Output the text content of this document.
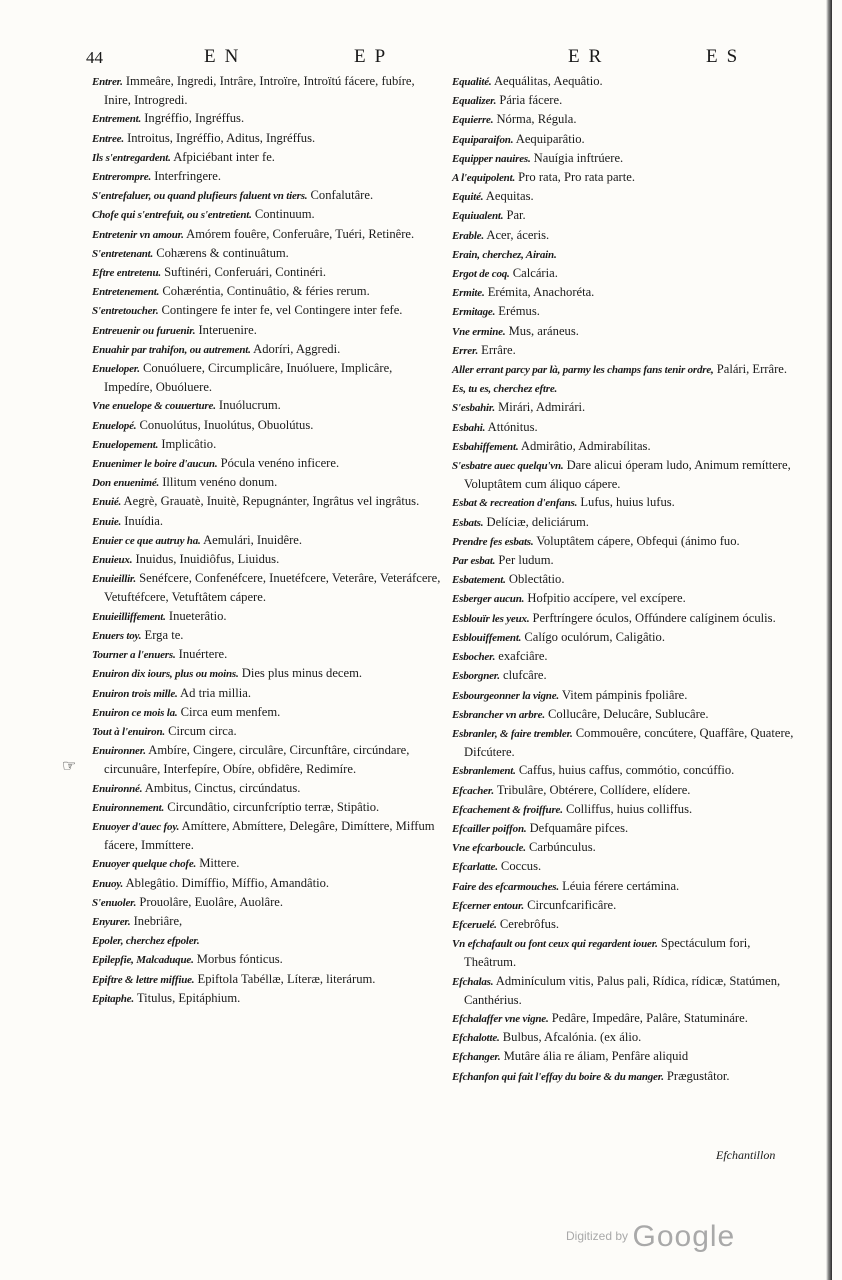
44	EN	EP	ER	ES
☞

Entrer. Immeâre, Ingredi, Intrâre, Introïre, Introïtú fácere, fubíre, Inire, Introgredi.

Entrement. Ingréffio, Ingréffus.

Entree. Introitus, Ingréffio, Aditus, Ingréffus.

Ils s'entregardent. Afpiciébant inter fe.

Entrerompre. Interfringere.

S'entrefaluer, ou quand plufieurs faluent vn tiers. Confalutâre.

Chofe qui s'entrefuit, ou s'entretient. Continuum.

Entretenir vn amour. Amórem fouêre, Conferuâre, Tuéri, Retinêre.

S'entretenant. Cohærens & continuâtum.

Eftre entretenu. Suftinéri, Conferuári, Continéri.

Entretenement. Cohæréntia, Continuâtio, & féries rerum.

S'entretoucher. Contingere fe inter fe, vel Contingere inter fefe.

Entreuenir ou furuenir. Interuenire.

Enuahir par trahifon, ou autrement. Adoríri, Aggredi.

Enueloper. Conuóluere, Circumplicâre, Inuóluere, Implicâre, Impedíre, Obuóluere.

Vne enuelope & couuerture. Inuólucrum.

Enuelopé. Conuolútus, Inuolútus, Obuolútus.

Enuelopement. Implicâtio.

Enuenimer le boire d'aucun. Pócula venéno inficere.

Don enuenimé. Illitum venéno donum.

Enuié. Aegrè, Grauatè, Inuitè, Repugnánter, Ingrâtus vel ingrâtus.

Enuie. Inuídia.

Enuier ce que autruy ha. Aemulári, Inuidêre.

Enuieux. Inuidus, Inuidiôfus, Liuidus.

Enuieillir. Senéfcere, Confenéfcere, Inuetéfcere, Veterâre, Veteráfcere, Vetuftéfcere, Vetuftâtem cápere.

Enuieilliffement. Inueterâtio.

Enuers toy. Erga te.

Tourner a l'enuers. Inuértere.

Enuiron dix iours, plus ou moins. Dies plus minus decem.

Enuiron trois mille. Ad tria millia.

Enuiron ce mois la. Circa eum menfem.

Tout à l'enuiron. Circum circa.

Enuironner. Ambíre, Cingere, circulâre, Circunftâre, circúndare, circunuâre, Interfepíre, Obíre, obfidêre, Redimíre.

Enuironné. Ambitus, Cinctus, circúndatus.

Enuironnement. Circundâtio, circunfcríptio terræ, Stipâtio.

Enuoyer d'auec foy. Amíttere, Abmíttere, Delegâre, Dimíttere, Miffum fácere, Immíttere.

Enuoyer quelque chofe. Mittere.

Enuoy. Ablegâtio. Dimíffio, Míffio, Amandâtio.

S'enuoler. Prouolâre, Euolâre, Auolâre.

Enyurer. Inebriâre,

Epoler, cherchez efpoler.

Epilepfie, Malcaduque. Morbus fónticus.

Epiftre & lettre miffiue. Epiftola Tabéllæ, Líteræ, literárum.

Epitaphe. Titulus, Epitáphium.

Equalité. Aequálitas, Aequâtio.

Equalizer. Pária fácere.

Equierre. Nórma, Régula.

Equiparaifon. Aequiparâtio.

Equipper nauires. Nauígia inftrúere.

A l'equipolent. Pro rata, Pro rata parte.

Equité. Aequitas.

Equiualent. Par.

Erable. Acer, áceris.

Erain, cherchez, Airain.

Ergot de coq. Calcária.

Ermite. Erémita, Anachoréta.

Ermitage. Erémus.

Vne ermine. Mus, aráneus.

Errer. Errâre.

Aller errant parcy par là, parmy les champs fans tenir ordre, Palári, Errâre.

Es, tu es, cherchez eftre.

S'esbahir. Mirári, Admirári.

Esbahi. Attónitus.

Esbahiffement. Admirâtio, Admirabílitas.

S'esbatre auec quelqu'vn. Dare alicui óperam ludo, Animum remíttere, Voluptâtem cum áliquo cápere.

Esbat & recreation d'enfans. Lufus, huius lufus.

Esbats. Delíciæ, deliciárum.

Prendre fes esbats. Voluptâtem cápere, Obfequi (ánimo fuo.

Par esbat. Per ludum.

Esbatement. Oblectâtio.

Esberger aucun. Hofpitio accípere, vel excípere.

Esblouïr les yeux. Perftríngere óculos, Offúndere calíginem óculis.

Esblouiffement. Calígo oculórum, Caligâtio.

Esbocher. exafciâre.

Esborgner. clufcâre.

Esbourgeonner la vigne. Vitem pámpinis fpoliâre.

Esbrancher vn arbre. Collucâre, Delucâre, Sublucâre.

Esbranler, & faire trembler. Commouêre, concútere, Quaffâre, Quatere, Difcútere.

Esbranlement. Caffus, huius caffus, commótio, concúffio.

Efcacher. Tribulâre, Obtérere, Collídere, elídere.

Efcachement & froiffure. Colliffus, huius colliffus.

Efcailler poiffon. Defquamâre pifces.

Vne efcarboucle. Carbúnculus.

Efcarlatte. Coccus.

Faire des efcarmouches. Léuia férere certámina.

Efcerner entour. Circunfcarificâre.

Efceruelé. Cerebrôfus.

Vn efchafault ou font ceux qui regardent iouer. Spectáculum fori, Theâtrum.

Efchalas. Adminículum vitis, Palus pali, Rídica, rídicæ, Statúmen, Canthérius.

Efchalaffer vne vigne. Pedâre, Impedâre, Palâre, Statumináre.

Efchalotte. Bulbus, Afcalónia. (ex álio.

Efchanger. Mutâre ália re áliam, Penfâre aliquid

Efchanfon qui fait l'effay du boire & du manger. Prægustâtor.

Efchantillon
$^{Digitized by}$ Google
